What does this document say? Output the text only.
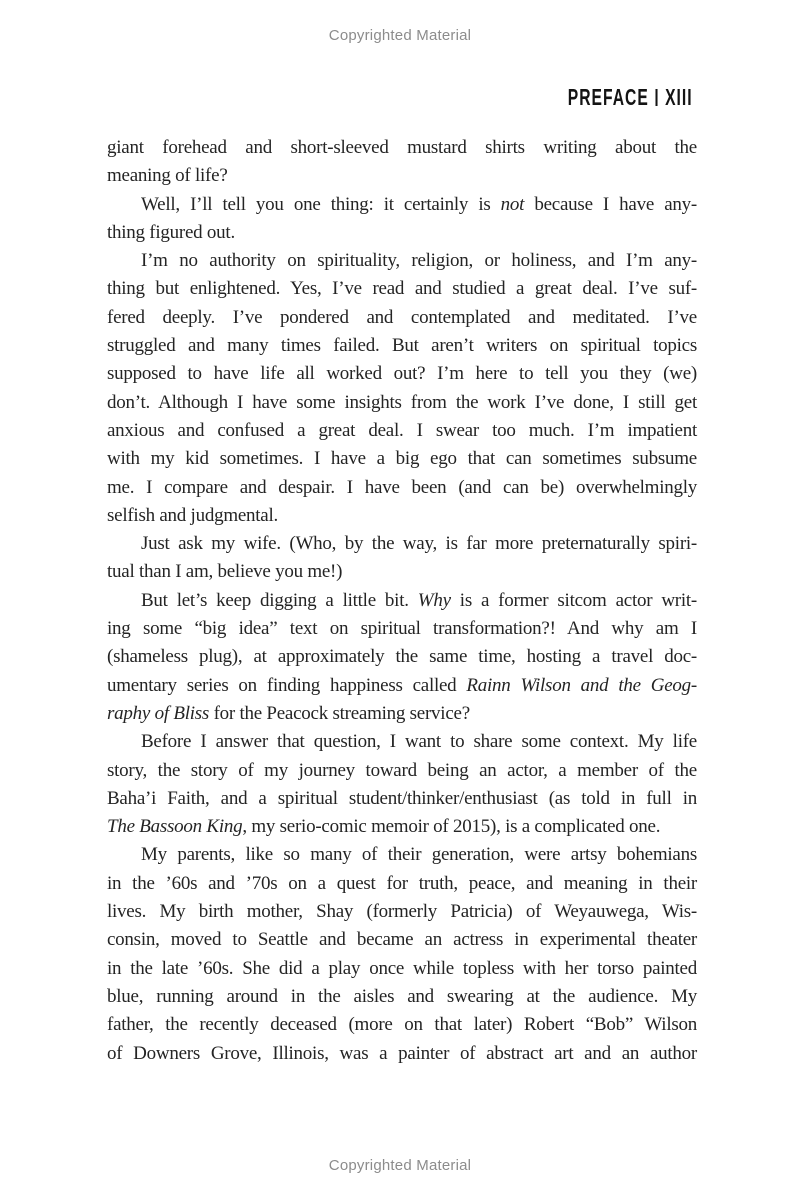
Copyrighted Material
PREFACE XIII
giant forehead and short-sleeved mustard shirts writing about the
meaning of life?
Well, I’ll tell you one thing: it certainly is not because I have any-
thing figured out.
I’m no authority on spirituality, religion, or holiness, and I’m any-
thing but enlightened. Yes, I’ve read and studied a great deal. I’ve suf-
fered deeply. I’ve pondered and contemplated and meditated. I’ve
struggled and many times failed. But aren’t writers on spiritual topics
supposed to have life all worked out? I’m here to tell you they (we)
don’t. Although I have some insights from the work I’ve done, I still get
anxious and confused a great deal. I swear too much. I’m impatient
with my kid sometimes. I have a big ego that can sometimes subsume
me. I compare and despair. I have been (and can be) overwhelmingly
selfish and judgmental.
Just ask my wife. (Who, by the way, is far more preternaturally spiri-
tual than I am, believe you me!)
But let’s keep digging a little bit. Why is a former sitcom actor writ-
ing some “big idea” text on spiritual transformation?! And why am I
(shameless plug), at approximately the same time, hosting a travel doc-
umentary series on finding happiness called Rainn Wilson and the Geog-
raphy of Bliss for the Peacock streaming service?
Before I answer that question, I want to share some context. My life
story, the story of my journey toward being an actor, a member of the
Baha’i Faith, and a spiritual student/thinker/enthusiast (as told in full in
The Bassoon King, my serio-comic memoir of 2015), is a complicated one.
My parents, like so many of their generation, were artsy bohemians
in the ’60s and ’70s on a quest for truth, peace, and meaning in their
lives. My birth mother, Shay (formerly Patricia) of Weyauwega, Wis-
consin, moved to Seattle and became an actress in experimental theater
in the late ’60s. She did a play once while topless with her torso painted
blue, running around in the aisles and swearing at the audience. My
father, the recently deceased (more on that later) Robert “Bob” Wilson
of Downers Grove, Illinois, was a painter of abstract art and an author
Copyrighted Material
